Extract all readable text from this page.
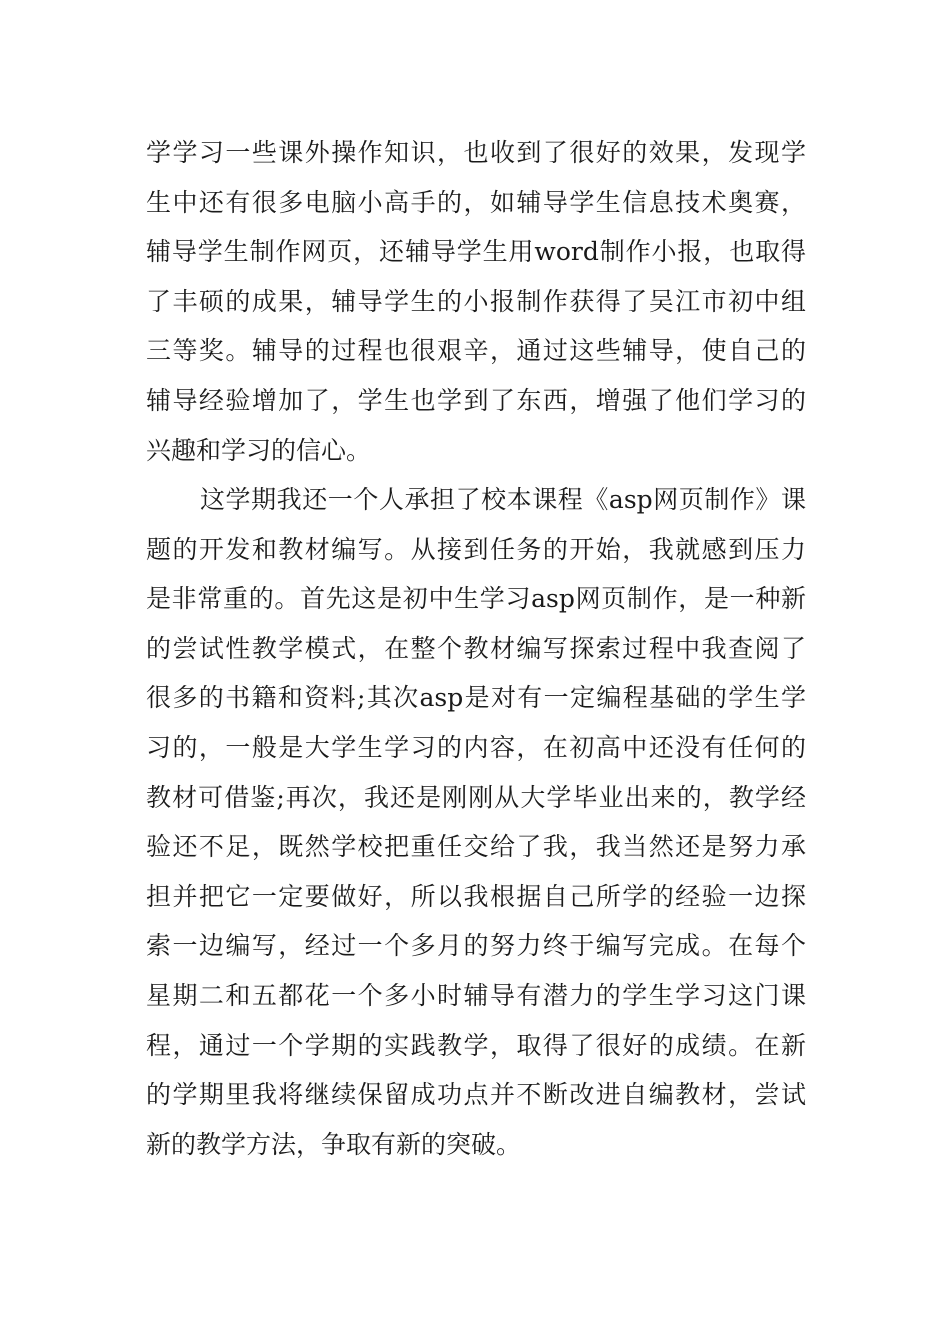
学学习一些课外操作知识，也收到了很好的效果，发现学
生中还有很多电脑小高手的，如辅导学生信息技术奥赛，
辅导学生制作网页，还辅导学生用word制作小报，也取得
了丰硕的成果，辅导学生的小报制作获得了吴江市初中组
三等奖。辅导的过程也很艰辛，通过这些辅导，使自己的
辅导经验增加了，学生也学到了东西，增强了他们学习的
兴趣和学习的信心。
这学期我还一个人承担了校本课程《asp网页制作》课
题的开发和教材编写。从接到任务的开始，我就感到压力
是非常重的。首先这是初中生学习asp网页制作，是一种新
的尝试性教学模式，在整个教材编写探索过程中我查阅了
很多的书籍和资料;其次asp是对有一定编程基础的学生学
习的，一般是大学生学习的内容，在初高中还没有任何的
教材可借鉴;再次，我还是刚刚从大学毕业出来的，教学经
验还不足，既然学校把重任交给了我，我当然还是努力承
担并把它一定要做好，所以我根据自己所学的经验一边探
索一边编写，经过一个多月的努力终于编写完成。在每个
星期二和五都花一个多小时辅导有潜力的学生学习这门课
程，通过一个学期的实践教学，取得了很好的成绩。在新
的学期里我将继续保留成功点并不断改进自编教材，尝试
新的教学方法，争取有新的突破。
